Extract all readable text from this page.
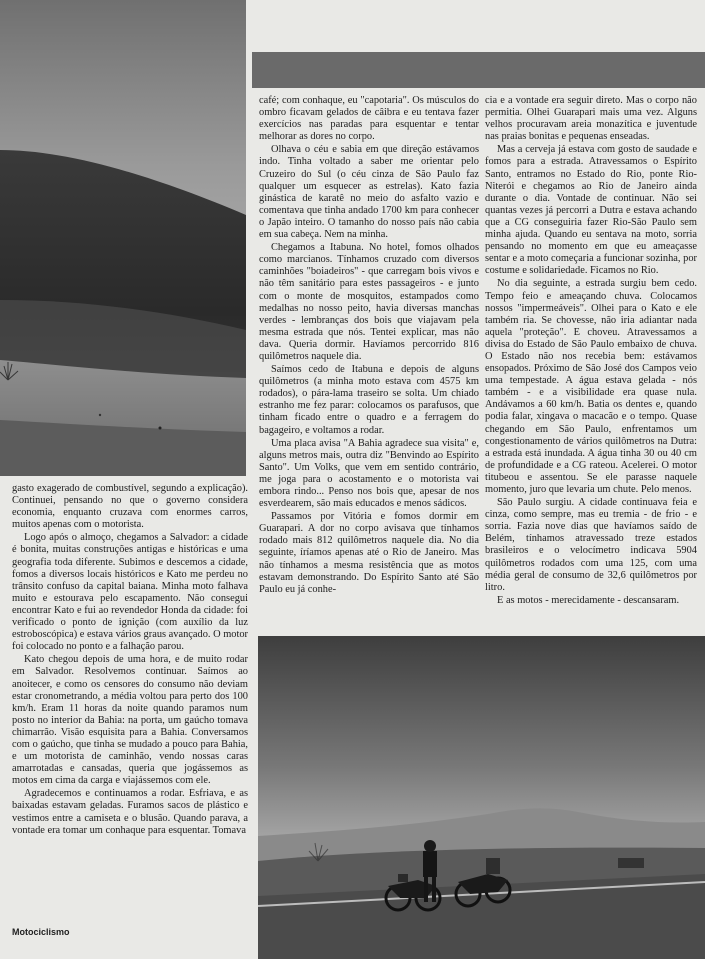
gasto exagerado de combustível, segundo a explicação). Continuei, pensando no que o governo considera economia, enquanto cruzava com enormes carros, muitos apenas com o motorista.

Logo após o almoço, chegamos a Salvador: a cidade é bonita, muitas construções antigas e históricas e uma geografia toda diferente. Subimos e descemos a cidade, fomos a diversos locais históricos e Kato me perdeu no trânsito confuso da capital baiana. Minha moto falhava muito e estourava pelo escapamento. Não consegui encontrar Kato e fui ao revendedor Honda da cidade: foi verificado o ponto de ignição (com auxílio da luz estroboscópica) e estava vários graus avançado. O motor foi colocado no ponto e a falhação parou.

Kato chegou depois de uma hora, e de muito rodar em Salvador. Resolvemos continuar. Saímos ao anoitecer, e como os censores do consumo não deviam estar cronometrando, a média voltou para perto dos 100 km/h. Eram 11 horas da noite quando paramos num posto no interior da Bahia: na porta, um gaúcho tomava chimarrão. Visão esquisita para a Bahia. Conversamos com o gaúcho, que tinha se mudado a pouco para Bahia, e um motorista de caminhão, vendo nossas caras amarrotadas e cansadas, queria que jogássemos as motos em cima da carga e viajássemos com ele.

Agradecemos e continuamos a rodar. Esfriava, e as baixadas estavam geladas. Furamos sacos de plástico e vestimos entre a camiseta e o blusão. Quando parava, a vontade era tomar um conhaque para esquentar. Tomava

café; com conhaque, eu "capotaria". Os músculos do ombro ficavam gelados de câibra e eu tentava fazer exercícios nas paradas para esquentar e tentar melhorar as dores no corpo.

Olhava o céu e sabia em que direção estávamos indo. Tinha voltado a saber me orientar pelo Cruzeiro do Sul (o céu cinza de São Paulo faz qualquer um esquecer as estrelas). Kato fazia ginástica de karatê no meio do asfalto vazio e comentava que tinha andado 1700 km para conhecer o Japão inteiro. O tamanho do nosso país não cabia em sua cabeça. Nem na minha.

Chegamos a Itabuna. No hotel, fomos olhados como marcianos. Tínhamos cruzado com diversos caminhões "boiadeiros" - que carregam bois vivos e não têm sanitário para estes passageiros - e junto com o monte de mosquitos, estampados como medalhas no nosso peito, havia diversas manchas verdes - lembranças dos bois que viajavam pela mesma estrada que nós. Tentei explicar, mas não dava. Queria dormir. Havíamos percorrido 816 quilômetros naquele dia.

Saímos cedo de Itabuna e depois de alguns quilômetros (a minha moto estava com 4575 km rodados), o pára-lama traseiro se solta. Um chiado estranho me fez parar: colocamos os parafusos, que tinham ficado entre o quadro e a ferragem do bagageiro, e voltamos a rodar.

Uma placa avisa "A Bahia agradece sua visita" e, alguns metros mais, outra diz "Benvindo ao Espírito Santo". Um Volks, que vem em sentido contrário, me joga para o acostamento e o motorista vai embora rindo... Penso nos bois que, apesar de nos esverdearem, são mais educados e menos sádicos.

Passamos por Vitória e fomos dormir em Guarapari. A dor no corpo avisava que tínhamos rodado mais 812 quilômetros naquele dia. No dia seguinte, íríamos apenas até o Rio de Janeiro. Mas não tínhamos a mesma resistência que as motos estavam demonstrando. Do Espírito Santo até São Paulo eu já conhe-

cia e a vontade era seguir direto. Mas o corpo não permitia. Olhei Guarapari mais uma vez. Alguns velhos procuravam areia monazítica e juventude nas praias bonitas e pequenas enseadas.

Mas a cerveja já estava com gosto de saudade e fomos para a estrada. Atravessamos o Espírito Santo, entramos no Estado do Rio, ponte Rio-Niterói e chegamos ao Rio de Janeiro ainda durante o dia. Vontade de continuar. Não sei quantas vezes já percorri a Dutra e estava achando que a CG conseguiria fazer Rio-São Paulo sem minha ajuda. Quando eu sentava na moto, sorria pensando no momento em que eu ameaçasse sentar e a moto começaria a funcionar sozinha, por costume e solidariedade. Ficamos no Rio.

No dia seguinte, a estrada surgiu bem cedo. Tempo feio e ameaçando chuva. Colocamos nossos "impermeáveis". Olhei para o Kato e ele também ria. Se chovesse, não iria adiantar nada aquela "proteção". E choveu. Atravessamos a divisa do Estado de São Paulo embaixo de chuva. O Estado não nos recebia bem: estávamos ensopados. Próximo de São José dos Campos veio uma tempestade. A água estava gelada - nós também - e a visibilidade era quase nula. Andávamos a 60 km/h. Batia os dentes e, quando podia falar, xingava o macacão e o tempo. Quase chegando em São Paulo, enfrentamos um congestionamento de vários quilômetros na Dutra: a estrada está inundada. A água tinha 30 ou 40 cm de profundidade e a CG rateou. Acelerei. O motor titubeou e assentou. Se ele parasse naquele momento, juro que levaria um chute. Pelo menos.

São Paulo surgiu. A cidade continuava feia e cinza, como sempre, mas eu tremia - de frio - e sorria. Fazia nove dias que havíamos saído de Belém, tínhamos atravessado treze estados brasileiros e o velocímetro indicava 5904 quilômetros rodados com uma 125, com uma média geral de consumo de 32,6 quilômetros por litro.

E as motos - merecidamente - descansaram.

Motociclismo
